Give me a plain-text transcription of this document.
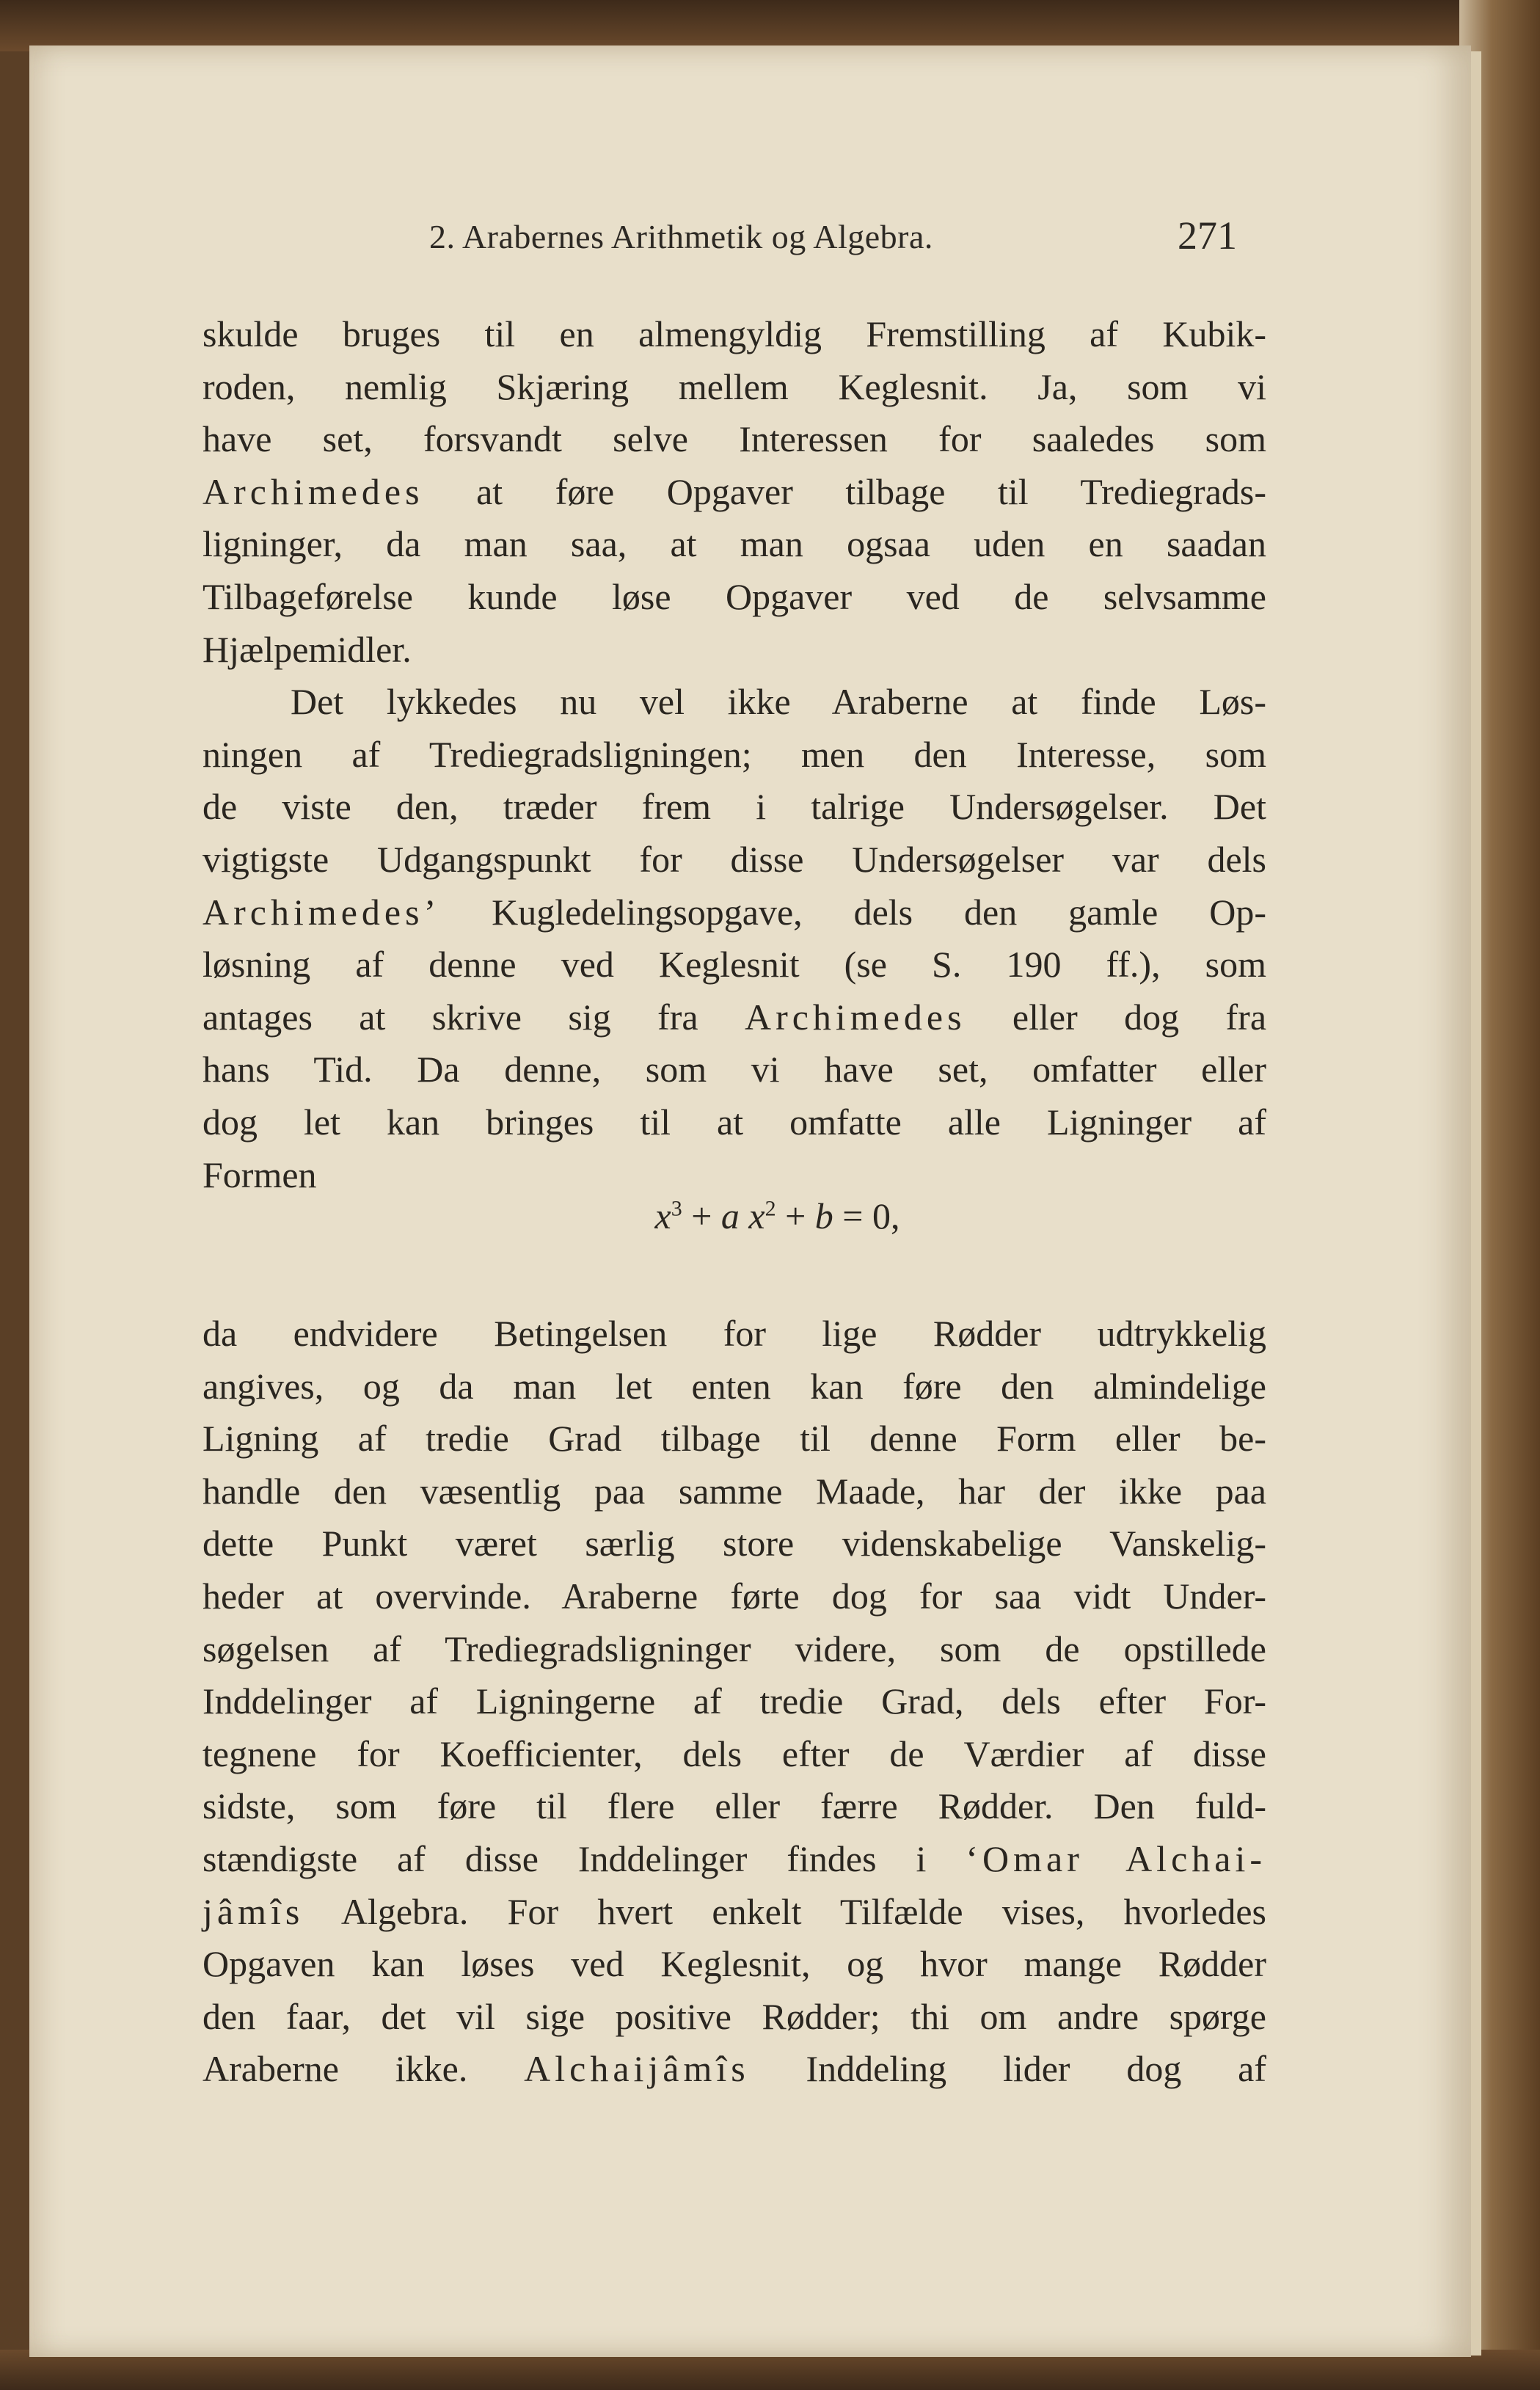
2. Arabernes Arithmetik og Algebra.	271
skulde bruges til en almengyldig Fremstilling af Kubik-
roden, nemlig Skjæring mellem Keglesnit. Ja, som vi
have set, forsvandt selve Interessen for saaledes som
Archimedes at føre Opgaver tilbage til Trediegrads-
ligninger, da man saa, at man ogsaa uden en saadan
Tilbageførelse kunde løse Opgaver ved de selvsamme
Hjælpemidler.
Det lykkedes nu vel ikke Araberne at finde Løs-
ningen af Trediegradsligningen; men den Interesse, som
de viste den, træder frem i talrige Undersøgelser. Det
vigtigste Udgangspunkt for disse Undersøgelser var dels
Archimedes’ Kugledelingsopgave, dels den gamle Op-
løsning af denne ved Keglesnit (se S. 190 ff.), som
antages at skrive sig fra Archimedes eller dog fra
hans Tid. Da denne, som vi have set, omfatter eller
dog let kan bringes til at omfatte alle Ligninger af
Formen
$x^3 + a$ $x^2 + b = 0$,
da endvidere Betingelsen for lige Rødder udtrykkelig
angives, og da man let enten kan føre den almindelige
Ligning af tredie Grad tilbage til denne Form eller be-
handle den væsentlig paa samme Maade, har der ikke paa
dette Punkt været særlig store videnskabelige Vanskelig-
heder at overvinde. Araberne førte dog for saa vidt Under-
søgelsen af Trediegradsligninger videre, som de opstillede
Inddelinger af Ligningerne af tredie Grad, dels efter For-
tegnene for Koefficienter, dels efter de Værdier af disse
sidste, som føre til flere eller færre Rødder. Den fuld-
stændigste af disse Inddelinger findes i ‘Omar Alchai-
jâmîs Algebra. For hvert enkelt Tilfælde vises, hvorledes
Opgaven kan løses ved Keglesnit, og hvor mange Rødder
den faar, det vil sige positive Rødder; thi om andre spørge
Araberne ikke. Alchaijâmîs Inddeling lider dog af
